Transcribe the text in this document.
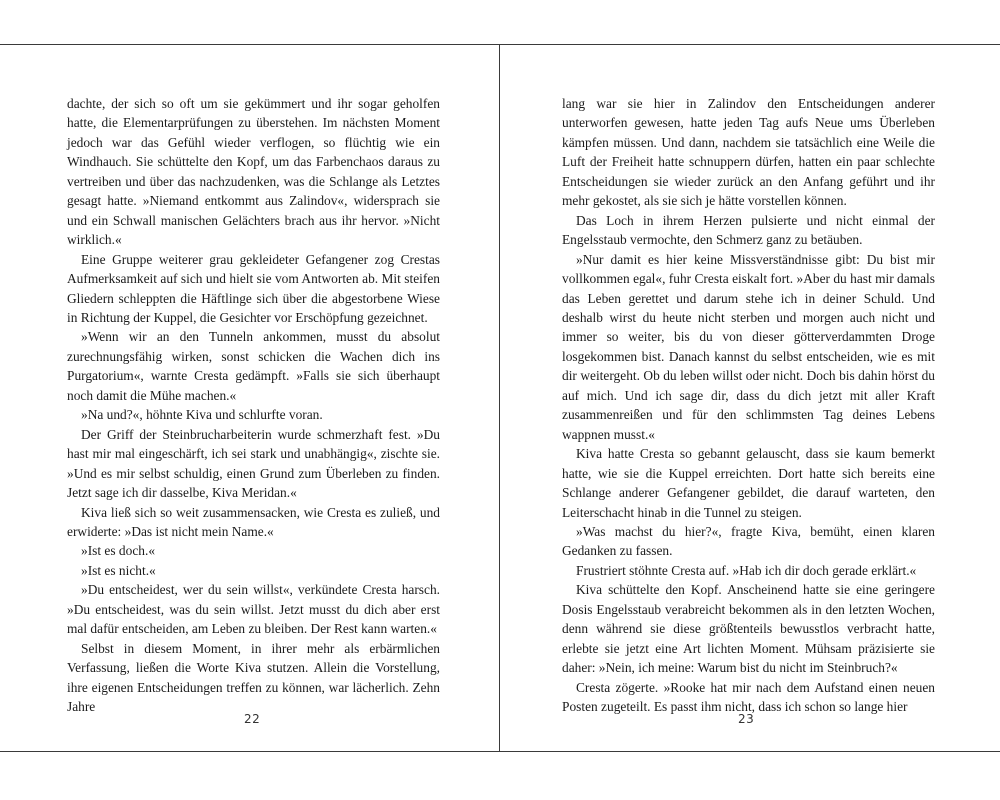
dachte, der sich so oft um sie gekümmert und ihr sogar geholfen hatte, die Elementarprüfungen zu überstehen. Im nächsten Moment jedoch war das Gefühl wieder verflogen, so flüchtig wie ein Windhauch. Sie schüttelte den Kopf, um das Farbenchaos daraus zu vertreiben und über das nachzudenken, was die Schlange als Letztes gesagt hatte. »Niemand entkommt aus Zalindov«, widersprach sie und ein Schwall manischen Gelächters brach aus ihr hervor. »Nicht wirklich.«

Eine Gruppe weiterer grau gekleideter Gefangener zog Crestas Aufmerksamkeit auf sich und hielt sie vom Antworten ab. Mit steifen Gliedern schleppten die Häftlinge sich über die abgestorbene Wiese in Richtung der Kuppel, die Gesichter vor Erschöpfung gezeichnet.

»Wenn wir an den Tunneln ankommen, musst du absolut zurechnungsfähig wirken, sonst schicken die Wachen dich ins Purgatorium«, warnte Cresta gedämpft. »Falls sie sich überhaupt noch damit die Mühe machen.«

»Na und?«, höhnte Kiva und schlurfte voran.

Der Griff der Steinbrucharbeiterin wurde schmerzhaft fest. »Du hast mir mal eingeschärft, ich sei stark und unabhängig«, zischte sie. »Und es mir selbst schuldig, einen Grund zum Überleben zu finden. Jetzt sage ich dir dasselbe, Kiva Meridan.«

Kiva ließ sich so weit zusammensacken, wie Cresta es zuließ, und erwiderte: »Das ist nicht mein Name.«

»Ist es doch.«

»Ist es nicht.«

»Du entscheidest, wer du sein willst«, verkündete Cresta harsch. »Du entscheidest, was du sein willst. Jetzt musst du dich aber erst mal dafür entscheiden, am Leben zu bleiben. Der Rest kann warten.«

Selbst in diesem Moment, in ihrer mehr als erbärmlichen Verfassung, ließen die Worte Kiva stutzen. Allein die Vorstellung, ihre eigenen Entscheidungen treffen zu können, war lächerlich. Zehn Jahre

lang war sie hier in Zalindov den Entscheidungen anderer unterworfen gewesen, hatte jeden Tag aufs Neue ums Überleben kämpfen müssen. Und dann, nachdem sie tatsächlich eine Weile die Luft der Freiheit hatte schnuppern dürfen, hatten ein paar schlechte Entscheidungen sie wieder zurück an den Anfang geführt und ihr mehr gekostet, als sie sich je hätte vorstellen können.

Das Loch in ihrem Herzen pulsierte und nicht einmal der Engelsstaub vermochte, den Schmerz ganz zu betäuben.

»Nur damit es hier keine Missverständnisse gibt: Du bist mir vollkommen egal«, fuhr Cresta eiskalt fort. »Aber du hast mir damals das Leben gerettet und darum stehe ich in deiner Schuld. Und deshalb wirst du heute nicht sterben und morgen auch nicht und immer so weiter, bis du von dieser götterverdammten Droge losgekommen bist. Danach kannst du selbst entscheiden, wie es mit dir weitergeht. Ob du leben willst oder nicht. Doch bis dahin hörst du auf mich. Und ich sage dir, dass du dich jetzt mit aller Kraft zusammenreißen und für den schlimmsten Tag deines Lebens wappnen musst.«

Kiva hatte Cresta so gebannt gelauscht, dass sie kaum bemerkt hatte, wie sie die Kuppel erreichten. Dort hatte sich bereits eine Schlange anderer Gefangener gebildet, die darauf warteten, den Leiterschacht hinab in die Tunnel zu steigen.

»Was machst du hier?«, fragte Kiva, bemüht, einen klaren Gedanken zu fassen.

Frustriert stöhnte Cresta auf. »Hab ich dir doch gerade erklärt.«

Kiva schüttelte den Kopf. Anscheinend hatte sie eine geringere Dosis Engelsstaub verabreicht bekommen als in den letzten Wochen, denn während sie diese größtenteils bewusstlos verbracht hatte, erlebte sie jetzt eine Art lichten Moment. Mühsam präzisierte sie daher: »Nein, ich meine: Warum bist du nicht im Steinbruch?«

Cresta zögerte. »Rooke hat mir nach dem Aufstand einen neuen Posten zugeteilt. Es passt ihm nicht, dass ich schon so lange hier

22	23
